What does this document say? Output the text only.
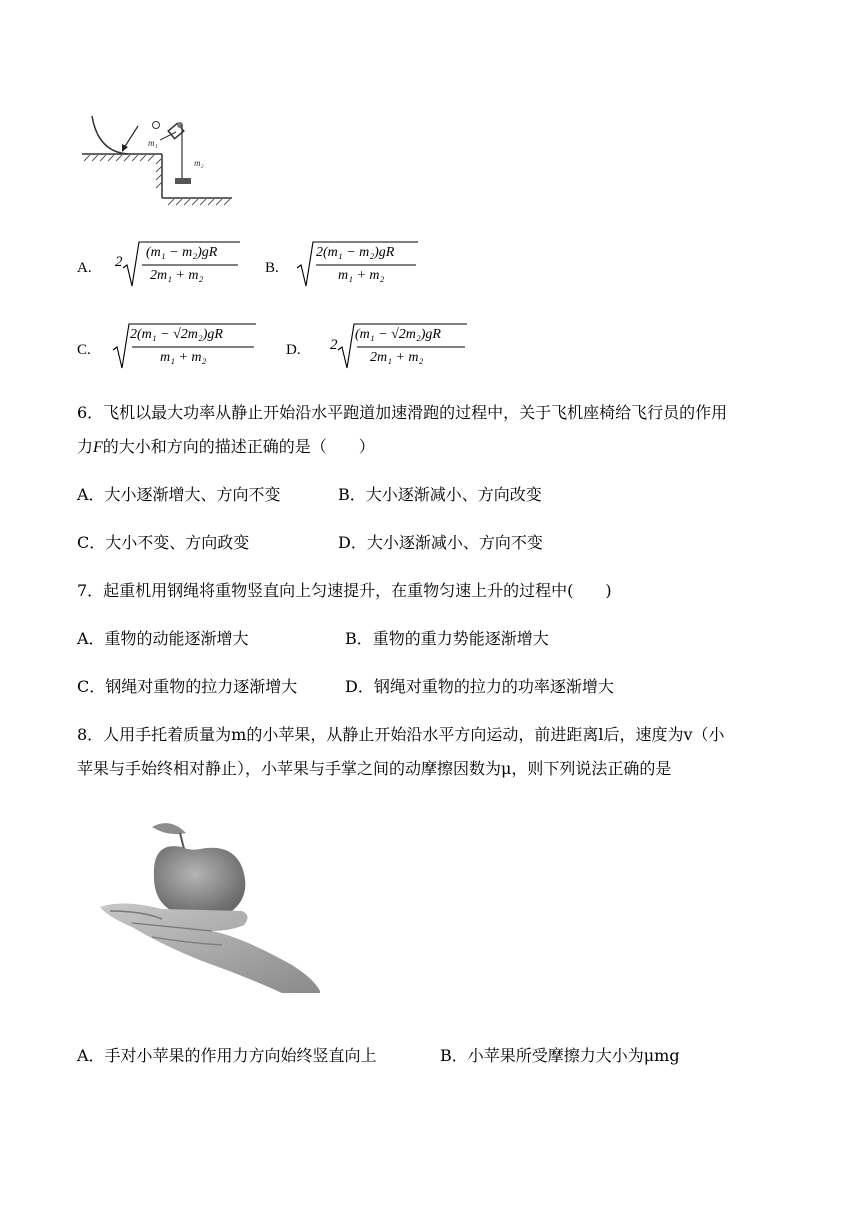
m₁
m₂
A. 2
(m₁ − m₂)gR
2m₁ + m₂	B.
2(m₁ − m₂)gR
m₁ + m₂
C.
2(m₁ − √2m₂)gR
m₁ + m₂	D. 2
(m₁ − √2m₂)gR
2m₁ + m₂
6．飞机以最大功率从静止开始沿水平跑道加速滑跑的过程中，关于飞机座椅给飞行员的作用
力F的大小和方向的描述正确的是（　　）
A．大小逐渐增大、方向不变	B．大小逐渐减小、方向改变
C．大小不变、方向政变	D．大小逐渐减小、方向不变
7．起重机用钢绳将重物竖直向上匀速提升，在重物匀速上升的过程中(　　)
A．重物的动能逐渐增大	B．重物的重力势能逐渐增大
C．钢绳对重物的拉力逐渐增大	D．钢绳对重物的拉力的功率逐渐增大
8．人用手托着质量为m的小苹果，从静止开始沿水平方向运动，前进距离l后，速度为v（小
苹果与手始终相对静止），小苹果与手掌之间的动摩擦因数为μ，则下列说法正确的是
A．手对小苹果的作用力方向始终竖直向上	B．小苹果所受摩擦力大小为μmg
